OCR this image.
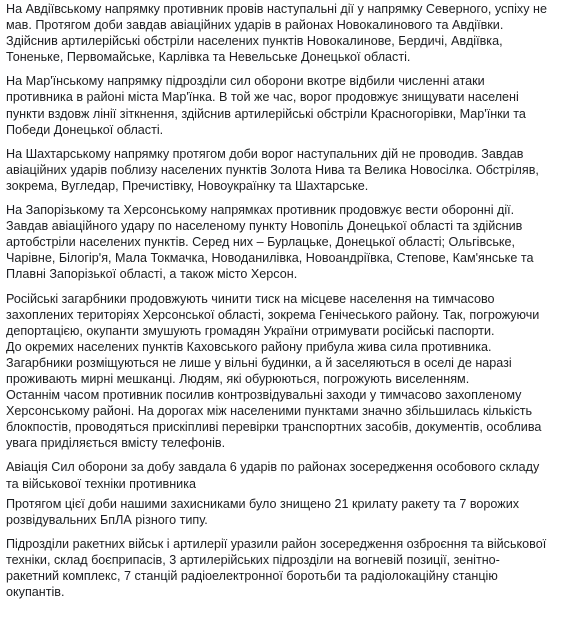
На Авдіївському напрямку противник провів наступальні дії у напрямку Северного, успіху не
мав. Протягом доби завдав авіаційних ударів в районах Новокалинового та Авдіївки.
Здійснив артилерійські обстріли населених пунктів Новокалинове, Бердичі, Авдіївка,
Тоненьке, Первомайське, Карлівка та Невельське Донецької області.
На Мар'їнському напрямку підрозділи сил оборони вкотре відбили численні атаки
противника в районі міста Мар'їнка. В той же час, ворог продовжує знищувати населені
пункти вздовж лінії зіткнення, здійснив артилерійські обстріли Красногорівки, Мар'їнки та
Победи Донецької області.
На Шахтарському напрямку протягом доби ворог наступальних дій не проводив. Завдав
авіаційних ударів поблизу населених пунктів Золота Нива та Велика Новосілка. Обстріляв,
зокрема, Вугледар, Пречистівку, Новоукраїнку та Шахтарське.
На Запорізькому та Херсонському напрямках противник продовжує вести оборонні дії.
Завдав авіаційного удару по населеному пункту Новопіль Донецької області та здійснив
артобстріли населених пунктів. Серед них – Бурлацьке, Донецької області; Ольгівське,
Чарівне, Білогір'я, Мала Токмачка, Новоданилівка, Новоандріївка, Степове, Кам'янське та
Плавні Запорізької області, а також місто Херсон.
Російські загарбники продовжують чинити тиск на місцеве населення на тимчасово
захоплених територіях Херсонської області, зокрема Генічеського району. Так, погрожуючи
депортацією, окупанти змушують громадян України отримувати російські паспорти.
До окремих населених пунктів Каховського району прибула жива сила противника.
Загарбники розміщуються не лише у вільні будинки, а й заселяються в оселі де наразі
проживають мирні мешканці. Людям, які обурюються, погрожують виселенням.
Останнім часом противник посилив контрозвідувальні заходи у тимчасово захопленому
Херсонському районі. На дорогах між населеними пунктами значно збільшилась кількість
блокпостів, проводяться прискіпливі перевірки транспортних засобів, документів, особлива
увага приділяється вмісту телефонів.
Авіація Сил оборони за добу завдала 6 ударів по районах зосередження особового складу
та військової техніки противника
Протягом цієї доби нашими захисниками було знищено 21 крилату ракету та 7 ворожих
розвідувальних БпЛА різного типу.
Підрозділи ракетних військ і артилерії уразили район зосередження озброєння та військової
техніки, склад боєприпасів, 3 артилерійських підрозділи на вогневій позиції, зенітно-
ракетний комплекс, 7 станцій радіоелектронної боротьби та радіолокаційну станцію
окупантів.
